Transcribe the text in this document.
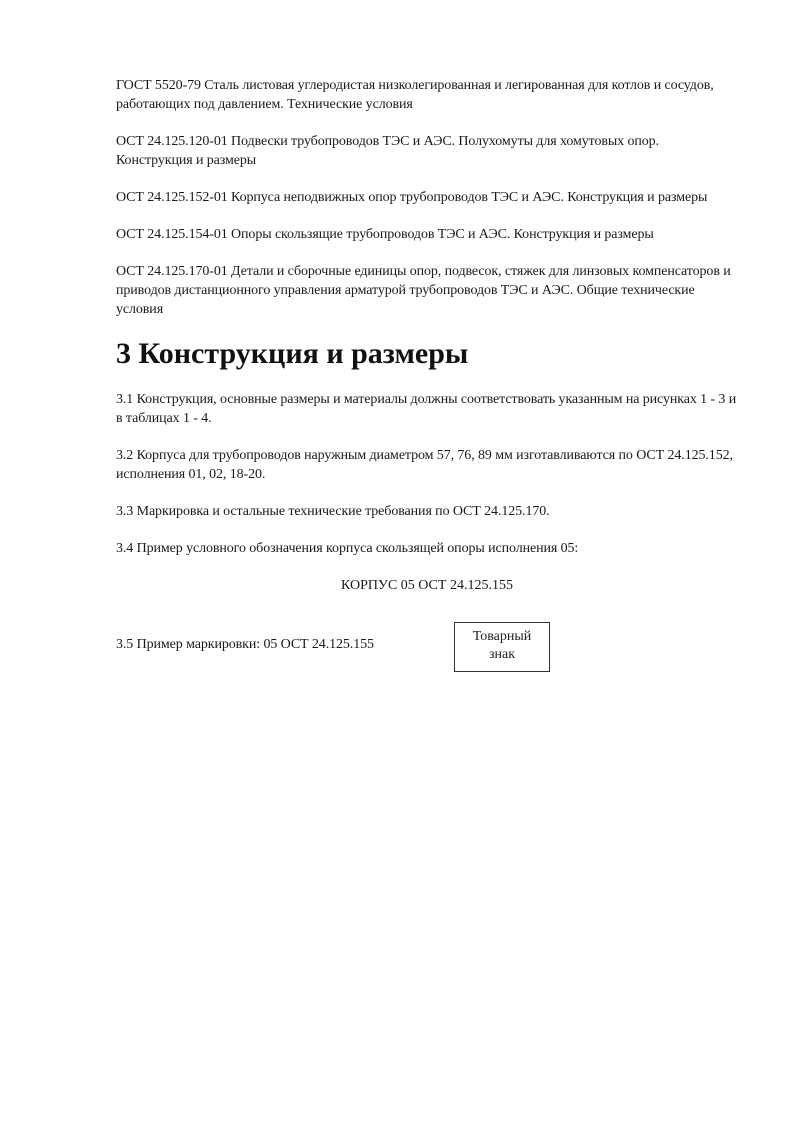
ГОСТ 5520-79 Сталь листовая углеродистая низколегированная и легированная для котлов и сосудов, работающих под давлением. Технические условия

ОСТ 24.125.120-01 Подвески трубопроводов ТЭС и АЭС. Полухомуты для хомутовых опор. Конструкция и размеры

ОСТ 24.125.152-01 Корпуса неподвижных опор трубопроводов ТЭС и АЭС. Конструкция и размеры

ОСТ 24.125.154-01 Опоры скользящие трубопроводов ТЭС и АЭС. Конструкция и размеры

ОСТ 24.125.170-01 Детали и сборочные единицы опор, подвесок, стяжек для линзовых компенсаторов и приводов дистанционного управления арматурой трубопроводов ТЭС и АЭС. Общие технические условия

3 Конструкция и размеры

3.1 Конструкция, основные размеры и материалы должны соответствовать указанным на рисунках 1 - 3 и в таблицах 1 - 4.

3.2 Корпуса для трубопроводов наружным диаметром 57, 76, 89 мм изготавливаются по ОСТ 24.125.152, исполнения 01, 02, 18-20.

3.3 Маркировка и остальные технические требования по ОСТ 24.125.170.

3.4 Пример условного обозначения корпуса скользящей опоры исполнения 05:

КОРПУС 05 ОСТ 24.125.155
3.5 Пример маркировки: 05 ОСТ 24.125.155
Товарный
знак
